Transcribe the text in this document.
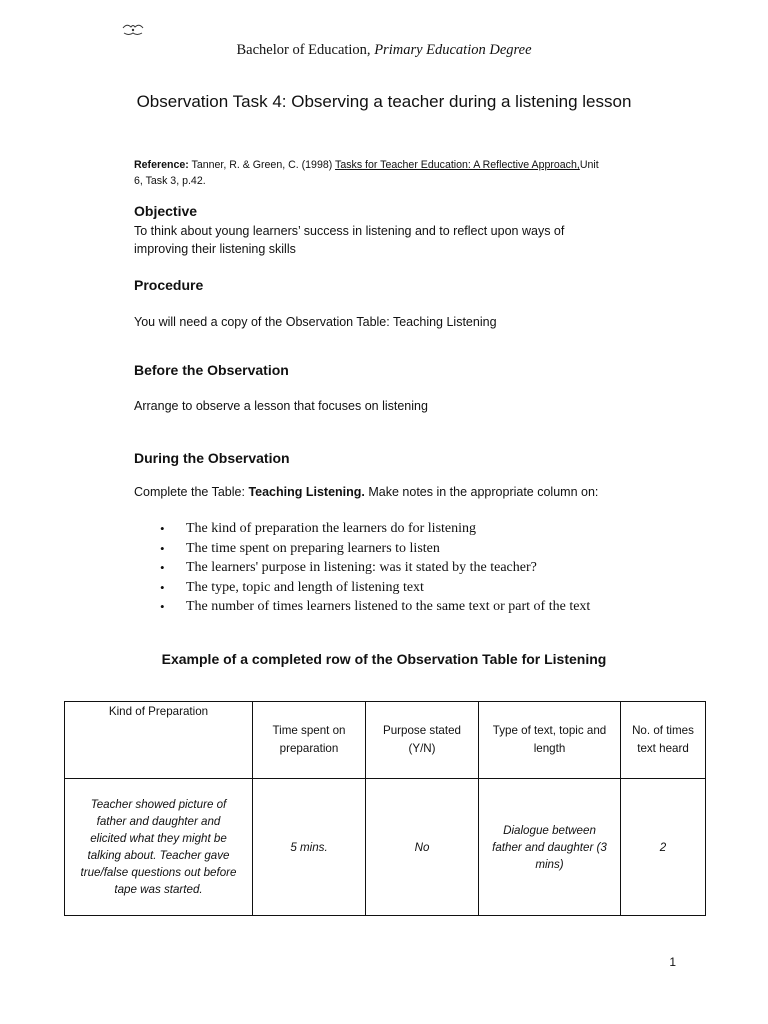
Bachelor of Education, Primary Education Degree
Observation Task 4: Observing a teacher during a listening lesson
Reference: Tanner, R. & Green, C. (1998) Tasks for Teacher Education: A Reflective Approach,Unit 6, Task 3, p.42.
Objective
To think about young learners’ success in listening and to reflect upon ways of improving their listening skills
Procedure
You will need a copy of the Observation Table: Teaching Listening
Before the Observation
Arrange to observe a lesson that focuses on listening
During the Observation
Complete the Table: Teaching Listening. Make notes in the appropriate column on:
• The kind of preparation the learners do for listening
• The time spent on preparing learners to listen
• The learners' purpose in listening: was it stated by the teacher?
• The type, topic and length of listening text
• The number of times learners listened to the same text or part of the text
Example of a completed row of the Observation Table for Listening
Kind of Preparation	Time spent on preparation	Purpose stated (Y/N)	Type of text, topic and length	No. of times text heard
Teacher showed picture of father and daughter and elicited what they might be talking about. Teacher gave true/false questions out before tape was started.	5 mins.	No	Dialogue between father and daughter (3 mins)	2
1
